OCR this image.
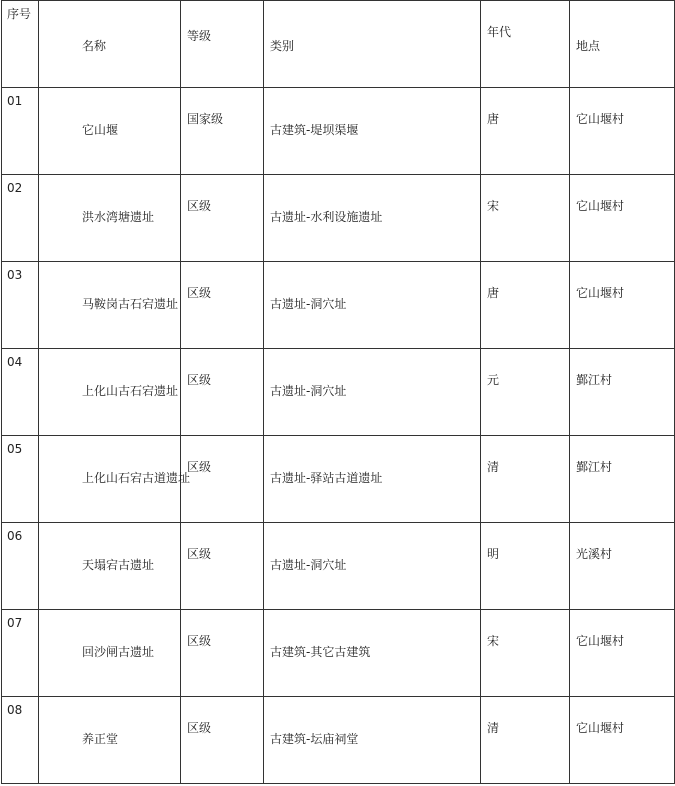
序号	名称	等级	类别	年代	地点

01	它山堰	国家级	古建筑-堤坝渠堰	唐	它山堰村

02	洪水湾塘遗址	区级	古遗址-水利设施遗址	宋	它山堰村

03	马鞍岗古石宕遗址	区级	古遗址-洞穴址	唐	它山堰村

04	上化山古石宕遗址	区级	古遗址-洞穴址	元	鄞江村

05	上化山石宕古道遗址	区级	古遗址-驿站古道遗址	清	鄞江村

06	天塌宕古遗址	区级	古遗址-洞穴址	明	光溪村

07	回沙闸古遗址	区级	古建筑-其它古建筑	宋	它山堰村

08	养正堂	区级	古建筑-坛庙祠堂	清	它山堰村
